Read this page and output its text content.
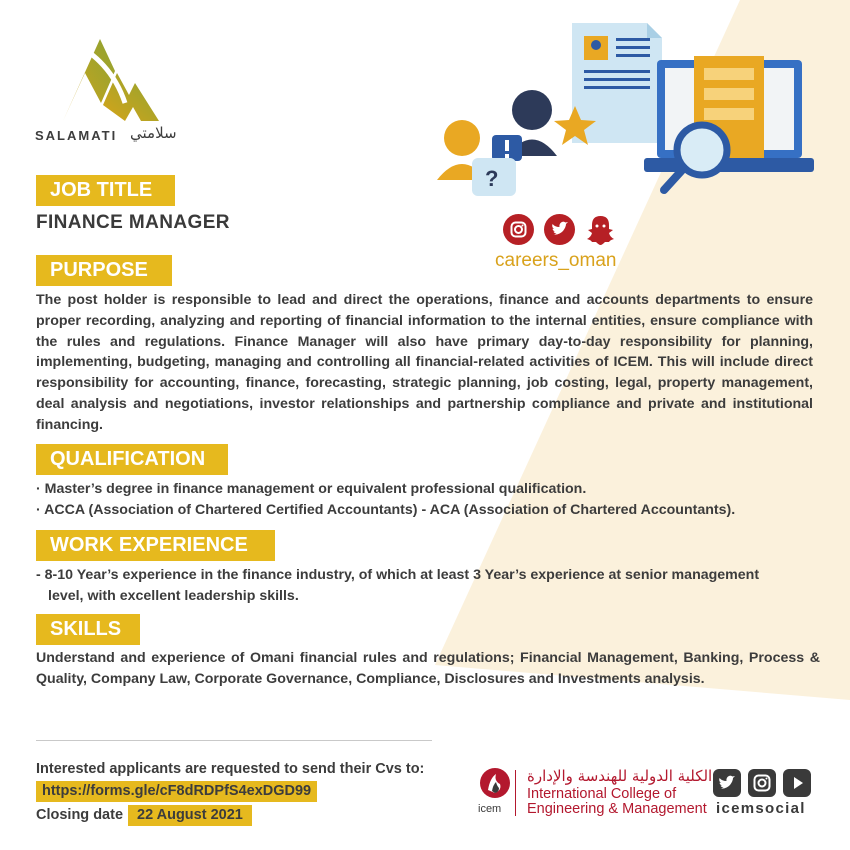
SALAMATI سلامتي
?
careers_oman
JOB TITLE
FINANCE MANAGER
PURPOSE
The post holder is responsible to lead and direct the operations, finance and accounts departments to ensure proper recording, analyzing and reporting of financial information to the internal entities, ensure compliance with the rules and regulations. Finance Manager will also have primary day-to-day responsibility for planning, implementing, budgeting, managing and controlling all financial-related activities of ICEM. This will include direct responsibility for accounting, finance, forecasting, strategic planning, job costing, legal, property management, deal analysis and negotiations, investor relationships and partnership compliance and private and institutional financing.
QUALIFICATION
· Master’s degree in finance management or equivalent professional qualification.
· ACCA (Association of Chartered Certified Accountants) - ACA (Association of Chartered Accountants).
WORK EXPERIENCE
- 8-10 Year’s experience in the finance industry, of which at least 3 Year’s experience at senior management
level, with excellent leadership skills.
SKILLS
Understand and experience of Omani financial rules and regulations; Financial Management, Banking, Process & Quality, Company Law, Corporate Governance, Compliance, Disclosures and Investments analysis.
Interested applicants are requested to send their Cvs to:
https://forms.gle/cF8dRDPfS4exDGD99
Closing date 22 August 2021	icem
الكلية الدولية للهندسة والإدارة
International College of
Engineering & Management icemsocial
